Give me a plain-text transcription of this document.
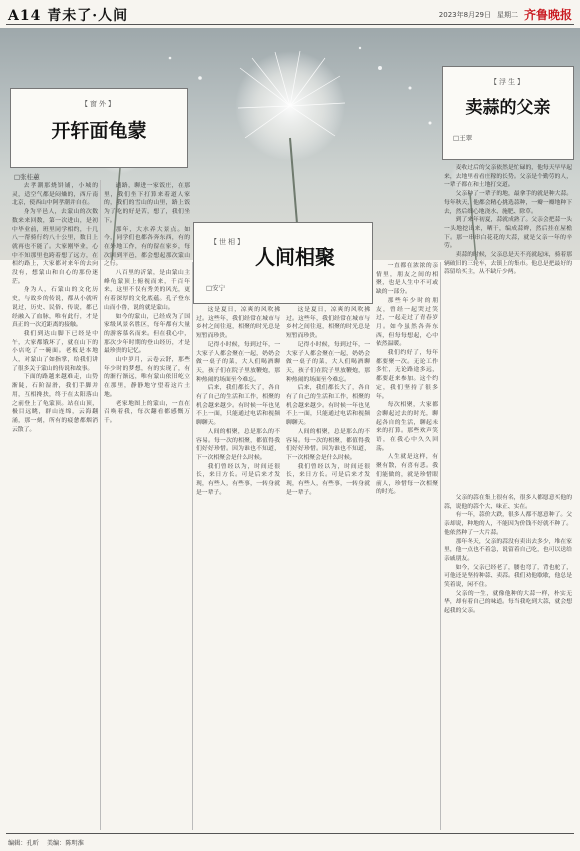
A14 青未了·人间	2023年8月29日 星期二 齐鲁晚报
【窗外】
开轩面龟蒙
【浮生】
卖蒜的父亲
□王翠
【世相】
人间相聚
□安宁
□张桂蕙

去孝潮那烧饼铺，小城的灵，适空气都是闷燥的，西斤南北京，使西山中阿孝潮并自在。

身为平邑人，去蒙山的次数数来来回数，第一次进山，是初中毕业前，班里同学相约，十几八一帮骑行约八十公里，数日上就再也不能了。大家刚毕业，心中不知那里也跨着想了远方，在相约路上，大家都对来年的去向没有，想蒙山和自心的那份迷茫。

身为人，石蒙山的文化历史，与故乡的传说，都从小就听说过，历史、民俗、传说，都已经融入了血脉，唯有此行，才是真正的一次近距离的接触。

我们到达山脚下已经是中午，大家都饿坏了，就在山下的小店吃了一碗面。老板是本地人，对蒙山了如指掌，给我们讲了很多关于蒙山的传说和故事。

下面的路越来越难走，山势渐陡，石阶湿滑，我们手脚并用，互相搀扶，终于在太阳落山之前登上了龟蒙顶。站在山顶，极目远眺，群山连绵，云海翻涌，那一刻，所有的疲惫都烟消云散了。

通路，聊进一家饭庄，在那里，我们坐下打算来着道人家的，我们的雪山的山里，路上饭为了吃的好是苦，想了，我们坐下。

那年，大水养大景点。如今，同学们也都各奔东西，有的在外地工作，有的留在家乡，每次回到平邑，都会想起那次蒙山之行。

八百里的沂蒙，是由蒙山主峰龟蒙顶上俯视而来，千百年来，这里不仅有秀美的风光，更有着深厚的文化底蕴。孔子登东山而小鲁，说的就是蒙山。

如今的蒙山，已经成为了国家级风景名胜区，每年都有大量的游客慕名而来。但在我心中，那次少年时期的登山经历，才是最珍贵的记忆。

山中岁月，云卷云舒，那些年少时的梦想，有的实现了，有的渐行渐远，唯有蒙山依旧屹立在那里，静静地守望着这片土地。

老家地图上的蒙山，一直在召唤着我，每次翻看都感慨万千。

这是夏日，凉爽的风吹拂过。这些年，我们经常在城市与乡村之间往返，相聚的时光总是短暂而珍贵。

记得小时候，每到过年，一大家子人都会聚在一起，奶奶会做一桌子的菜，大人们喝酒聊天，孩子们在院子里放鞭炮，那种热闹的场面至今难忘。

后来，我们都长大了，各自有了自己的生活和工作，相聚的机会越来越少。有时候一年也见不上一面，只能通过电话和视频聊聊天。

人间的相聚，总是那么的不容易。每一次的相聚，都值得我们好好珍惜。因为谁也不知道，下一次相聚会是什么时候。

我们曾经以为，时间还很长，来日方长。可是后来才发现，有些人，有些事，一转身就是一辈子。

一直都在浓浓的亲情里，朋友之间的相聚，也是人生中不可或缺的一部分。

那些年少时的朋友，曾经一起哭过笑过，一起走过了青春岁月。如今虽然各奔东西，但每每想起，心中依然温暖。

我们约好了，每年都要聚一次。无论工作多忙，无论路途多远，都要赶来参加。这个约定，我们坚持了很多年。

每次相聚，大家都会聊起过去的时光，聊起各自的生活，聊起未来的打算。那些欢声笑语，在我心中久久回荡。

人生就是这样，有聚有散，有喜有悲。我们能做的，就是珍惜眼前人，珍惜每一次相聚的时光。

这是夏日，凉爽的风吹拂过。这些年，我们经常在城市与乡村之间往返，相聚的时光总是短暂而珍贵。

记得小时候，每到过年，一大家子人都会聚在一起，奶奶会做一桌子的菜，大人们喝酒聊天，孩子们在院子里放鞭炮，那种热闹的场面至今难忘。

后来，我们都长大了，各自有了自己的生活和工作，相聚的机会越来越少。有时候一年也见不上一面，只能通过电话和视频聊聊天。

人间的相聚，总是那么的不容易。每一次的相聚，都值得我们好好珍惜。因为谁也不知道，下一次相聚会是什么时候。

我们曾经以为，时间还很长，来日方长。可是后来才发现，有些人，有些事，一转身就是一辈子。

麦收过后的父亲依然是忙碌的，他每天早早起来，去地里看看庄稼的长势。父亲是个勤劳的人，一辈子都在和土地打交道。

父亲种了一辈子的地，最拿手的就是种大蒜。每年秋天，他都会精心挑选蒜种，一瓣一瓣地种下去，然后细心地浇水、施肥、除草。

到了来年初夏，蒜就成熟了。父亲会把蒜一头一头地挖出来，晒干，编成蒜辫，然后挂在屋檐下。那一串串白花花的大蒜，就是父亲一年的辛劳。

卖蒜的时候，父亲总是天不亮就起床，骑着那辆破旧的三轮车，去镇上的集市。他总是把最好的蒜留给买主，从不缺斤少两。

父亲的蒜在集上很有名，很多人都愿意买他的蒜，说他的蒜个大、味正、实在。

有一年，蒜价大跌，很多人都不愿意种了。父亲却说，种地的人，不能因为价钱不好就不种了。他依然种了一大片蒜。

那年冬天，父亲的蒜没有卖出去多少，堆在家里，他一点也不着急，说留着自己吃，也可以送给亲戚朋友。

如今，父亲已经老了，腰也弯了，背也驼了，可他还是坚持种蒜、卖蒜。我们劝他歇歇，他总是笑着说，闲不住。

父亲的一生，就像他种的大蒜一样，朴实无华，却有着自己的味道。每当我吃到大蒜，就会想起我的父亲。

编辑：孔昕 美编：陈明淮
